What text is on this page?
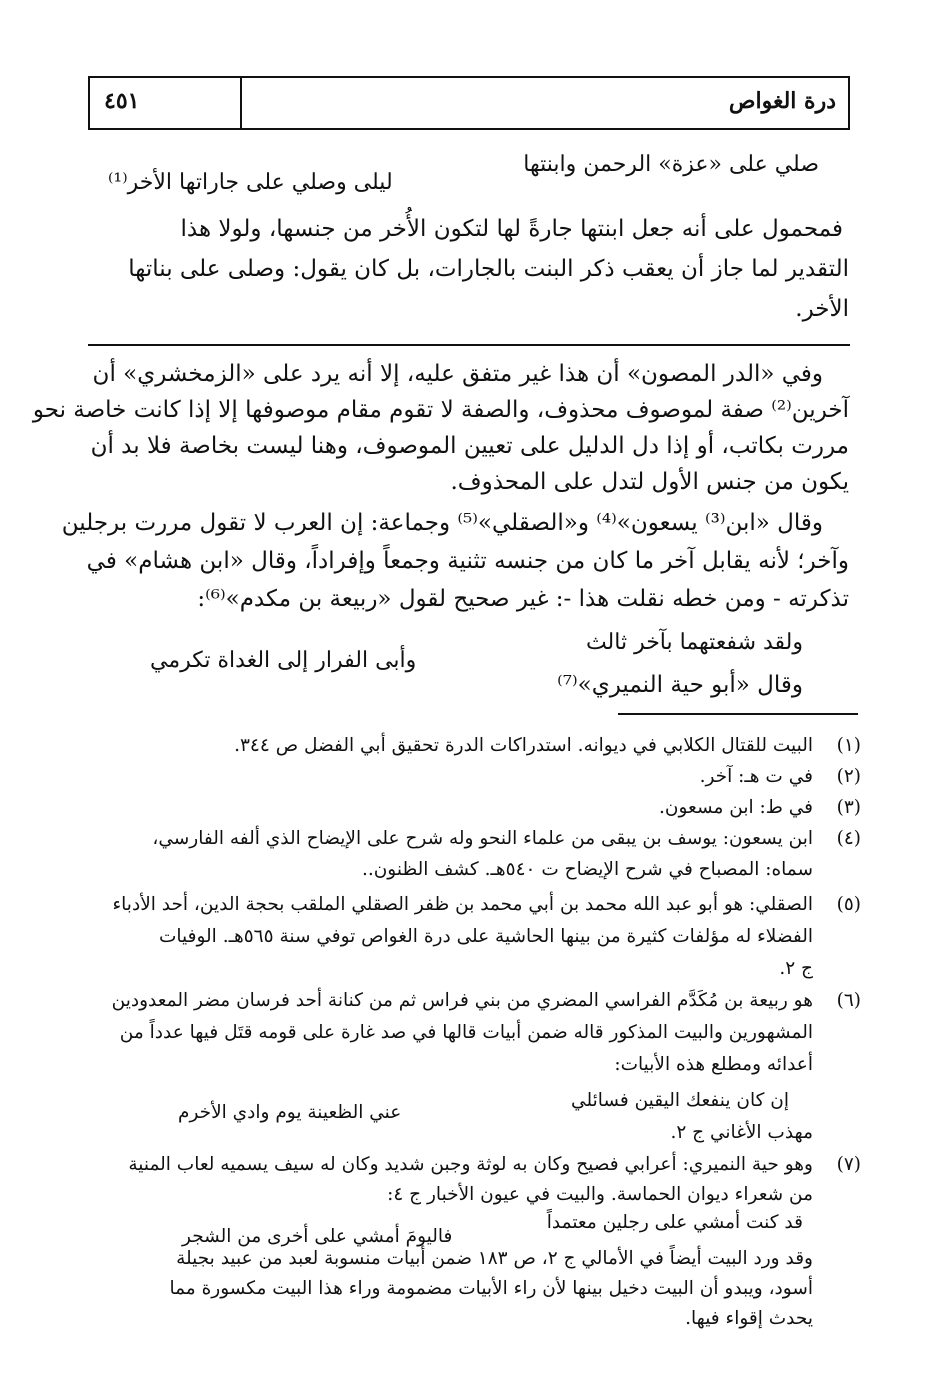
درة الغواص
٤٥١
صلي على «عزة» الرحمن وابنتها
ليلى وصلي على جاراتها الأخر⁽¹⁾
فمحمول على أنه جعل ابنتها جارةً لها لتكون الأُخر من جنسها، ولولا هذا
التقدير لما جاز أن يعقب ذكر البنت بالجارات، بل كان يقول: وصلى على بناتها
الأخر.
وفي «الدر المصون» أن هذا غير متفق عليه، إلا أنه يرد على «الزمخشري» أن
آخرين⁽²⁾ صفة لموصوف محذوف، والصفة لا تقوم مقام موصوفها إلا إذا كانت خاصة نحو
مررت بكاتب، أو إذا دل الدليل على تعيين الموصوف، وهنا ليست بخاصة فلا بد أن
يكون من جنس الأول لتدل على المحذوف.
وقال «ابن⁽³⁾ يسعون»⁽⁴⁾ و«الصقلي»⁽⁵⁾ وجماعة: إن العرب لا تقول مررت برجلين
وآخر؛ لأنه يقابل آخر ما كان من جنسه تثنية وجمعاً وإفراداً، وقال «ابن هشام» في
تذكرته - ومن خطه نقلت هذا -: غير صحيح لقول «ربيعة بن مكدم»⁽⁶⁾:
ولقد شفعتهما بآخر ثالث
وأبى الفرار إلى الغداة تكرمي
وقال «أبو حية النميري»⁽⁷⁾
(١)
البيت للقتال الكلابي في ديوانه. استدراكات الدرة تحقيق أبي الفضل ص ٣٤٤.
(٢)
في ت هـ: آخر.
(٣)
في ط: ابن مسعون.
(٤)
ابن يسعون: يوسف بن يبقى من علماء النحو وله شرح على الإيضاح الذي ألفه الفارسي،
سماه: المصباح في شرح الإيضاح ت ٥٤٠هـ. كشف الظنون..
(٥)
الصقلي: هو أبو عبد الله محمد بن أبي محمد بن ظفر الصقلي الملقب بحجة الدين، أحد الأدباء
الفضلاء له مؤلفات كثيرة من بينها الحاشية على درة الغواص توفي سنة ٥٦٥هـ. الوفيات
ج ٢.
(٦)
هو ربيعة بن مُكَدَّم الفراسي المضري من بني فراس ثم من كنانة أحد فرسان مضر المعدودين
المشهورين والبيت المذكور قاله ضمن أبيات قالها في صد غارة على قومه قتَل فيها عدداً من
أعدائه ومطلع هذه الأبيات:
إن كان ينفعك اليقين فسائلي
عني الظعينة يوم وادي الأخرم
مهذب الأغاني ج ٢.
(٧)
وهو حية النميري: أعرابي فصيح وكان به لوثة وجبن شديد وكان له سيف يسميه لعاب المنية
من شعراء ديوان الحماسة. والبيت في عيون الأخبار ج ٤:
قد كنت أمشي على رجلين معتمداً
فاليومَ أمشي على أخرى من الشجر
وقد ورد البيت أيضاً في الأمالي ج ٢، ص ١٨٣ ضمن أبيات منسوبة لعبد من عبيد بجيلة
أسود، ويبدو أن البيت دخيل بينها لأن راء الأبيات مضمومة وراء هذا البيت مكسورة مما
يحدث إقواء فيها.
